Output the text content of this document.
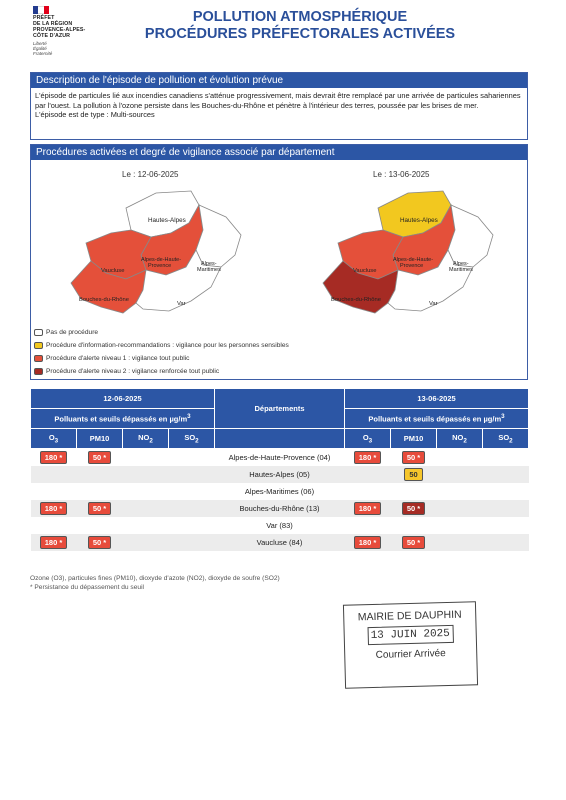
PRÉFET
DE LA RÉGION
PROVENCE-ALPES-
CÔTE D'AZUR
Liberté
Égalité
Fraternité
POLLUTION ATMOSPHÉRIQUE
PROCÉDURES PRÉFECTORALES ACTIVÉES
Description de l'épisode de pollution et évolution prévue

L'épisode de particules lié aux incendies canadiens s'atténue progressivement, mais devrait être remplacé par une arrivée de particules sahariennes par l'ouest. La pollution à l'ozone persiste dans les Bouches-du-Rhône et pénètre à l'intérieur des terres, poussée par les brises de mer.

L'épisode est de type : Multi-sources

Procédures activées et degré de vigilance associé par département
Le : 12-06-2025	Le : 13-06-2025
Hautes-Alpes
Alpes-de-Haute-
Provence	Alpes-
Maritimes
Vaucluse
Bouches-du-Rhône
Var
Hautes-Alpes
Alpes-de-Haute-
Provence	Alpes-
Maritimes
Vaucluse
Bouches-du-Rhône
Var
Pas de procédure
Procédure d'information-recommandations : vigilance pour les personnes sensibles
Procédure d'alerte niveau 1 : vigilance tout public
Procédure d'alerte niveau 2 : vigilance renforcée tout public
12-06-2025				Départements	13-06-2025			
Polluants et seuils dépassés en $\mu g/m^3$					Polluants et seuils dépassés en $\mu g/m^3$
$O_3$	PM10	$NO_2$	$SO_2$		$O_3$	PM10	$NO_2$	$SO_2$
180 *	50 *			Alpes-de-Haute-Provence (04)	180 *	50 *		
				Hautes-Alpes (05)		50		
				Alpes-Maritimes (06)				
180 *	50 *			Bouches-du-Rhône (13)	180 *	50 *		
				Var (83)				
180 *	50 *			Vaucluse (84)	180 *	50 *		
Ozone (O3), particules fines (PM10), dioxyde d'azote (NO2), dioxyde de soufre (SO2)
* Persistance du dépassement du seuil
MAIRIE DE DAUPHIN
13 JUIN 2025
Courrier Arrivée
